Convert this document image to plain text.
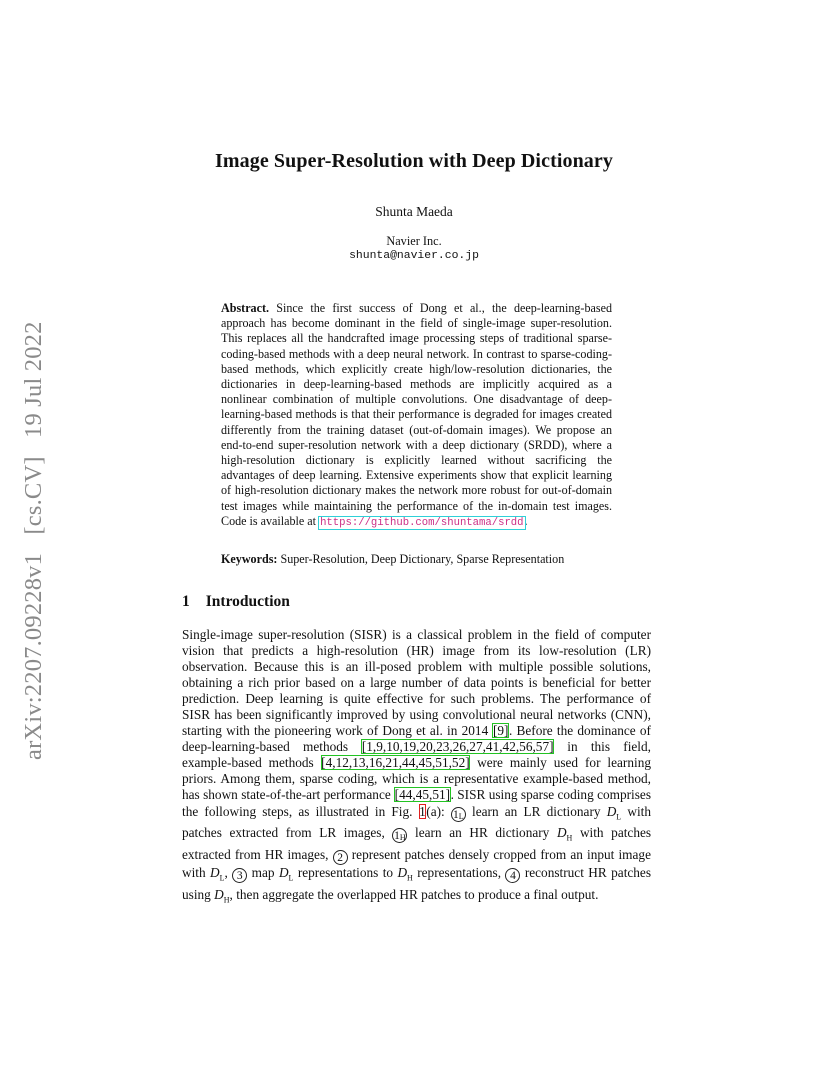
arXiv:2207.09228v1 [cs.CV] 19 Jul 2022
Image Super-Resolution with Deep Dictionary
Shunta Maeda
Navier Inc.
shunta@navier.co.jp
Abstract. Since the first success of Dong et al., the deep-learning-based approach has become dominant in the field of single-image super-resolution. This replaces all the handcrafted image processing steps of traditional sparse-coding-based methods with a deep neural network. In contrast to sparse-coding-based methods, which explicitly create high/low-resolution dictionaries, the dictionaries in deep-learning-based methods are implicitly acquired as a nonlinear combination of multiple convolutions. One disadvantage of deep-learning-based methods is that their performance is degraded for images created differently from the training dataset (out-of-domain images). We propose an end-to-end super-resolution network with a deep dictionary (SRDD), where a high-resolution dictionary is explicitly learned without sacrificing the advantages of deep learning. Extensive experiments show that explicit learning of high-resolution dictionary makes the network more robust for out-of-domain test images while maintaining the performance of the in-domain test images. Code is available at https://github.com/shuntama/srdd.
Keywords: Super-Resolution, Deep Dictionary, Sparse Representation
1 Introduction
Single-image super-resolution (SISR) is a classical problem in the field of computer vision that predicts a high-resolution (HR) image from its low-resolution (LR) observation. Because this is an ill-posed problem with multiple possible solutions, obtaining a rich prior based on a large number of data points is beneficial for better prediction. Deep learning is quite effective for such problems. The performance of SISR has been significantly improved by using convolutional neural networks (CNN), starting with the pioneering work of Dong et al. in 2014 [9]. Before the dominance of deep-learning-based methods [1,9,10,19,20,23,26,27,41,42,56,57] in this field, example-based methods [4,12,13,16,21,44,45,51,52] were mainly used for learning priors. Among them, sparse coding, which is a representative example-based method, has shown state-of-the-art performance [44,45,51]. SISR using sparse coding comprises the following steps, as illustrated in Fig. 1(a): $1_L$ learn an LR dictionary $D_L$ with patches extracted from LR images, $1_H$ learn an HR dictionary $D_H$ with patches extracted from HR images, 2 represent patches densely cropped from an input image with $D_L$, 3 map $D_L$ representations to $D_H$ representations, 4 reconstruct HR patches using $D_H$, then aggregate the overlapped HR patches to produce a final output.
